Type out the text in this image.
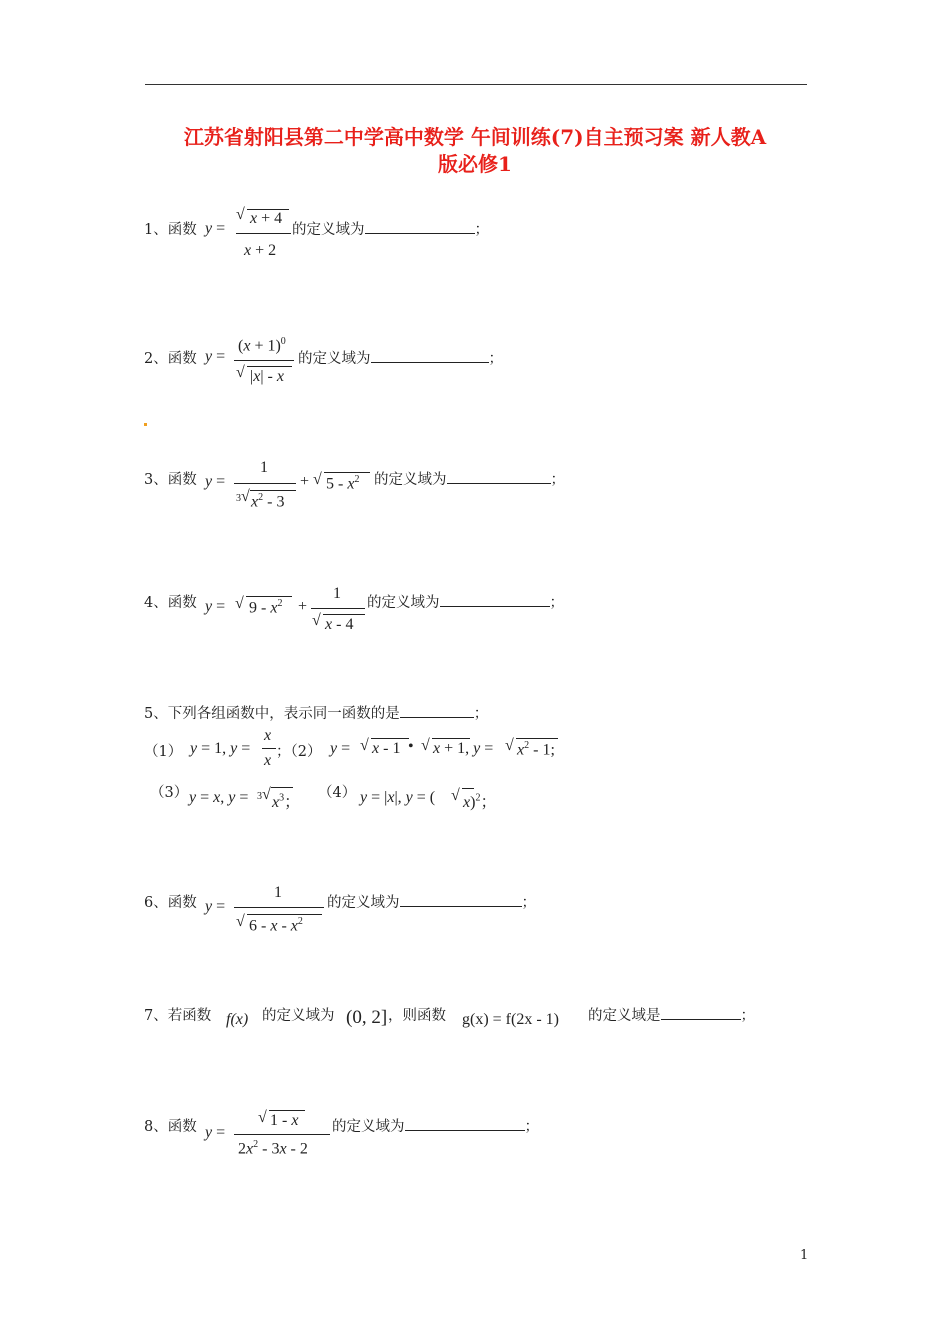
江苏省射阳县第二中学高中数学 午间训练(7)自主预习案 新人教A
版必修1
1、函数 y =
√ x + 4
x + 2
的定义域为	；
2、函数 y =
$(x + 1)^0$
√ |x| - x
的定义域为	；
3、函数 y =
1
3√ $x^2 - 3$
+ √ $5 - x^2$ 的定义域为	；
4、函数 y = √ $9 - x^2$ +
1
√ x - 4
的定义域为	；
5、下列各组函数中，表示同一函数的是	；
（1） y = 1, y =
x
x ；（2） y = √ x - 1 • √ x + 1, y = √ $x^2 - 1$;
（3） y = x, y = 3√ $x^3$；
（4） y = |x|, y = ( √ x)$^2$；
6、函数 y =
1
√ 6 - x - $x^2$
的定义域为	；
7、若函数 f(x) 的定义域为 (0, 2] ，则函数 g(x) = f(2x - 1) 的定义域是	；
8、函数 y =
√ 1 - x
$2x^2 - 3x - 2$
的定义域为	；
1
